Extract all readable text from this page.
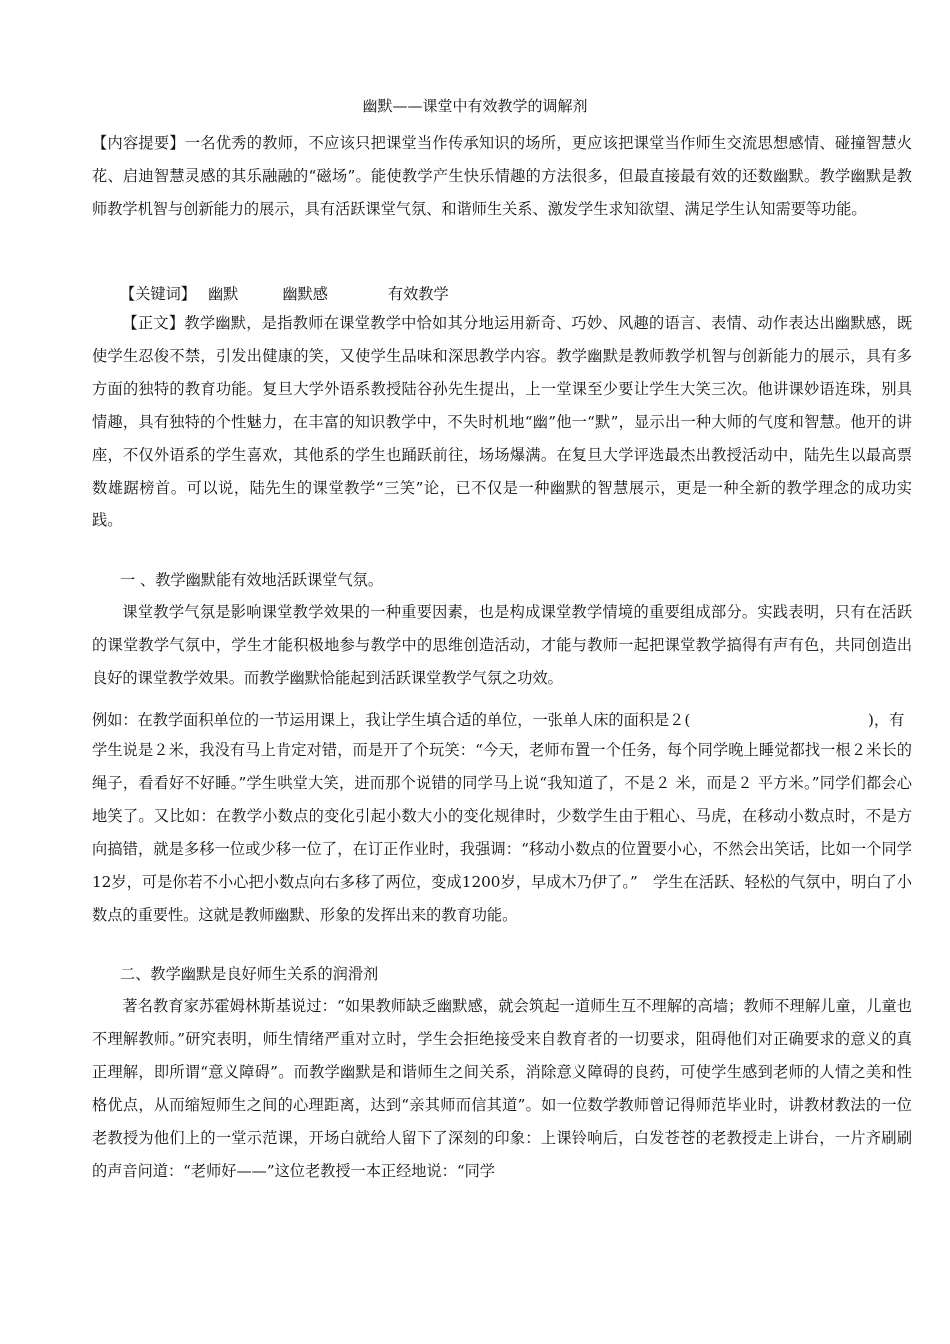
幽默——课堂中有效教学的调解剂
【内容提要】一名优秀的教师，不应该只把课堂当作传承知识的场所，更应该把课堂当作师生交流思想感情、碰撞智慧火花、启迪智慧灵感的其乐融融的“磁场”。能使教学产生快乐情趣的方法很多，但最直接最有效的还数幽默。教学幽默是教师教学机智与创新能力的展示，具有活跃课堂气氛、和谐师生关系、激发学生求知欲望、满足学生认知需要等功能。
【关键词】 幽默	幽默感	有效教学
【正文】教学幽默，是指教师在课堂教学中恰如其分地运用新奇、巧妙、风趣的语言、表情、动作表达出幽默感，既使学生忍俊不禁，引发出健康的笑，又使学生品味和深思教学内容。教学幽默是教师教学机智与创新能力的展示，具有多方面的独特的教育功能。复旦大学外语系教授陆谷孙先生提出，上一堂课至少要让学生大笑三次。他讲课妙语连珠，别具情趣，具有独特的个性魅力，在丰富的知识教学中，不失时机地“幽”他一“默”，显示出一种大师的气度和智慧。他开的讲座，不仅外语系的学生喜欢，其他系的学生也踊跃前往，场场爆满。在复旦大学评选最杰出教授活动中，陆先生以最高票数雄踞榜首。可以说，陆先生的课堂教学“三笑”论，已不仅是一种幽默的智慧展示，更是一种全新的教学理念的成功实践。
一 、教学幽默能有效地活跃课堂气氛。
课堂教学气氛是影响课堂教学效果的一种重要因素，也是构成课堂教学情境的重要组成部分。实践表明，只有在活跃的课堂教学气氛中，学生才能积极地参与教学中的思维创造活动，才能与教师一起把课堂教学搞得有声有色，共同创造出良好的课堂教学效果。而教学幽默恰能起到活跃课堂教学气氛之功效。
例如：在教学面积单位的一节运用课上，我让学生填合适的单位，一张单人床的面积是２(	)，有
学生说是２米，我没有马上肯定对错，而是开了个玩笑：“今天，老师布置一个任务，每个同学晚上睡觉都找一根２米长的绳子，看看好不好睡。”学生哄堂大笑，进而那个说错的同学马上说“我知道了，不是２ 米，而是２ 平方米。”同学们都会心地笑了。又比如：在教学小数点的变化引起小数大小的变化规律时，少数学生由于粗心、马虎，在移动小数点时，不是方向搞错，就是多移一位或少移一位了，在订正作业时，我强调：“移动小数点的位置要小心，不然会出笑话，比如一个同学12岁，可是你若不小心把小数点向右多移了两位，变成1200岁，早成木乃伊了。”　学生在活跃、轻松的气氛中，明白了小数点的重要性。这就是教师幽默、形象的发挥出来的教育功能。
二、教学幽默是良好师生关系的润滑剂
著名教育家苏霍姆林斯基说过：“如果教师缺乏幽默感，就会筑起一道师生互不理解的高墙；教师不理解儿童，儿童也不理解教师。”研究表明，师生情绪严重对立时，学生会拒绝接受来自教育者的一切要求，阻碍他们对正确要求的意义的真正理解，即所谓“意义障碍”。而教学幽默是和谐师生之间关系，消除意义障碍的良药，可使学生感到老师的人情之美和性格优点，从而缩短师生之间的心理距离，达到“亲其师而信其道”。如一位数学教师曾记得师范毕业时，讲教材教法的一位老教授为他们上的一堂示范课，开场白就给人留下了深刻的印象：上课铃响后，白发苍苍的老教授走上讲台，一片齐刷刷的声音问道：“老师好——”这位老教授一本正经地说：“同学
